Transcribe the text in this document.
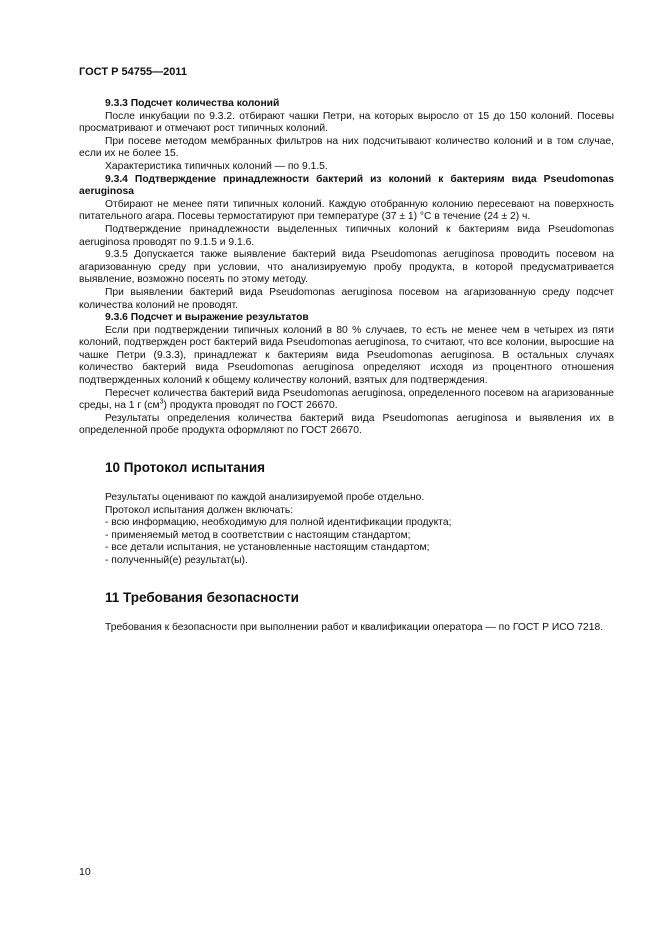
ГОСТ Р 54755—2011
9.3.3 Подсчет количества колоний

После инкубации по 9.3.2. отбирают чашки Петри, на которых выросло от 15 до 150 колоний. Посевы просматривают и отмечают рост типичных колоний.

При посеве методом мембранных фильтров на них подсчитывают количество колоний и в том случае, если их не более 15.

Характеристика типичных колоний — по 9.1.5.

9.3.4 Подтверждение принадлежности бактерий из колоний к бактериям вида Pseudomonas aeruginosa

Отбирают не менее пяти типичных колоний. Каждую отобранную колонию пересевают на поверхность питательного агара. Посевы термостатируют при температуре (37 ± 1) °С в течение (24 ± 2) ч.

Подтверждение принадлежности выделенных типичных колоний к бактериям вида Pseudomonas aeruginosa проводят по 9.1.5 и 9.1.6.

9.3.5 Допускается также выявление бактерий вида Pseudomonas aeruginosa проводить посевом на агаризованную среду при условии, что анализируемую пробу продукта, в которой предусматривается выявление, возможно посеять по этому методу.

При выявлении бактерий вида Pseudomonas aeruginosa посевом на агаризованную среду подсчет количества колоний не проводят.

9.3.6 Подсчет и выражение результатов

Если при подтверждении типичных колоний в 80 % случаев, то есть не менее чем в четырех из пяти колоний, подтвержден рост бактерий вида Pseudomonas aeruginosa, то считают, что все колонии, выросшие на чашке Петри (9.3.3), принадлежат к бактериям вида Pseudomonas aeruginosa. В остальных случаях количество бактерий вида Pseudomonas aeruginosa определяют исходя из процентного отношения подтвержденных колоний к общему количеству колоний, взятых для подтверждения.

Пересчет количества бактерий вида Pseudomonas aeruginosa, определенного посевом на агаризованные среды, на 1 г $(см^3)$ продукта проводят по ГОСТ 26670.

Результаты определения количества бактерий вида Pseudomonas aeruginosa и выявления их в определенной пробе продукта оформляют по ГОСТ 26670.

10 Протокол испытания

Результаты оценивают по каждой анализируемой пробе отдельно.

Протокол испытания должен включать:

- всю информацию, необходимую для полной идентификации продукта;
- применяемый метод в соответствии с настоящим стандартом;
- все детали испытания, не установленные настоящим стандартом;
- полученный(е) результат(ы).
11 Требования безопасности

Требования к безопасности при выполнении работ и квалификации оператора — по ГОСТ Р ИСО 7218.

10
